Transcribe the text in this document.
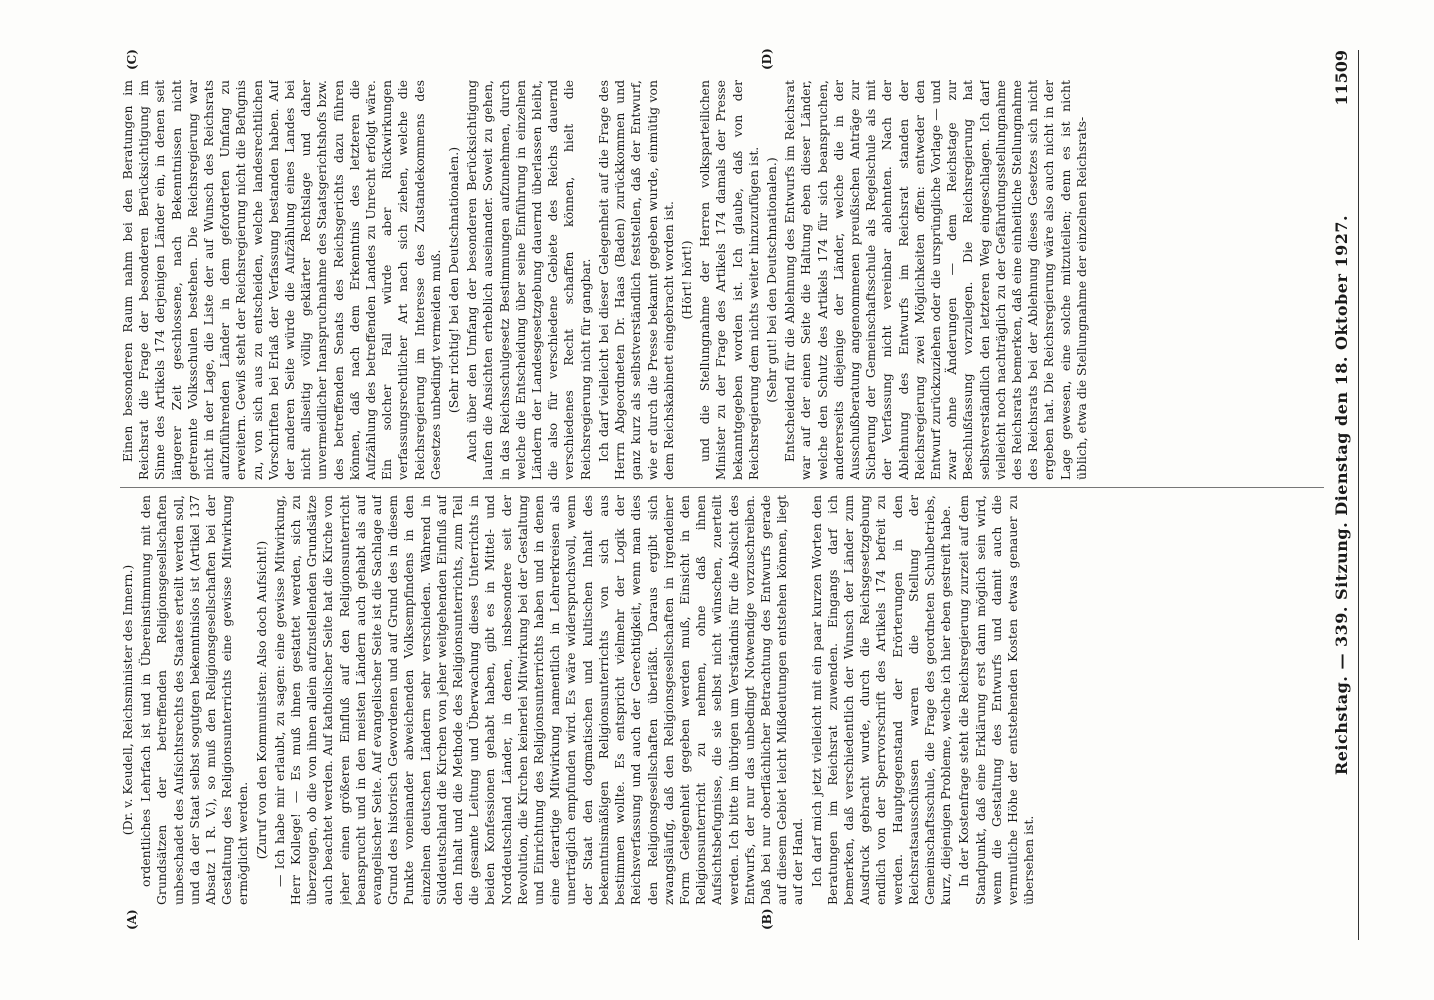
Reichstag. — 339. Sitzung. Dienstag den 18. Oktober 1927.
11509
(A)	(B)
(C)	(D)

(Dr. v. Keudell, Reichsminister des Innern.) ordentliches Lehrfach ist und in Übereinstimmung mit den Grundsätzen der betreffenden Religionsgesellschaften unbeschadet des Aufsichtsrechts des Staates erteilt werden soll, und da der Staat selbst sogutgen bekenntnislos ist (Artikel 137 Absatz 1 R. V.), so muß den Religionsgesellschaften bei der Gestaltung des Religionsunterrichts eine gewisse Mitwirkung ermöglicht werden. (Zuruf von den Kommunisten: Also doch Aufsicht!) — Ich habe mir erlaubt, zu sagen: eine gewisse Mitwirkung, Herr Kollege! — Es muß ihnen gestattet werden, sich zu überzeugen, ob die von ihnen allein aufzustellenden Grundsätze auch beachtet werden. Auf katholischer Seite hat die Kirche von jeher einen größeren Einfluß auf den Religionsunterricht beansprucht und in den meisten Ländern auch gehabt als auf evangelischer Seite. Auf evangelischer Seite ist die Sachlage auf Grund des historisch Gewordenen und auf Grund des in diesem Punkte voneinander abweichenden Volksempfindens in den einzelnen deutschen Ländern sehr verschieden. Während in Süddeutschland die Kirchen von jeher weitgehenden Einfluß auf den Inhalt und die Methode des Religionsunterrichts, zum Teil die gesamte Leitung und Überwachung dieses Unterrichts in beiden Konfessionen gehabt haben, gibt es in Mittel- und Norddeutschland Länder, in denen, insbesondere seit der Revolution, die Kirchen keinerlei Mitwirkung bei der Gestaltung und Einrichtung des Religionsunterrichts haben und in denen eine derartige Mitwirkung namentlich in Lehrerkreisen als unerträglich empfunden wird. Es wäre widerspruchsvoll, wenn der Staat den dogmatischen und kultischen Inhalt des bekenntnismäßigen Religionsunterrichts von sich aus bestimmen wollte. Es entspricht vielmehr der Logik der Reichsverfassung und auch der Gerechtigkeit, wenn man dies den Religionsgesellschaften überläßt. Daraus ergibt sich zwangsläufig, daß den Religionsgesellschaften in irgendeiner Form Gelegenheit gegeben werden muß, Einsicht in den Religionsunterricht zu nehmen, ohne daß ihnen Aufsichtsbefugnisse, die sie selbst nicht wünschen, zuerteilt werden. Ich bitte im übrigen um Verständnis für die Absicht des Entwurfs, der nur das unbedingt Notwendige vorzuschreiben. Daß bei nur oberflächlicher Betrachtung des Entwurfs gerade auf diesem Gebiet leicht Mißdeutungen entstehen können, liegt auf der Hand. Ich darf mich jetzt vielleicht mit ein paar kurzen Worten den Beratungen im Reichsrat zuwenden. Eingangs darf ich bemerken, daß verschiedentlich der Wunsch der Länder zum Ausdruck gebracht wurde, durch die Reichsgesetzgebung endlich von der Sperrvorschrift des Artikels 174 befreit zu werden. Hauptgegenstand der Erörterungen in den Reichsratsausschüssen waren die Stellung der Gemeinschaftsschule, die Frage des geordneten Schulbetriebs, kurz, diejenigen Probleme, welche ich hier eben gestreift habe. In der Kostenfrage steht die Reichsregierung zurzeit auf dem Standpunkt, daß eine Erklärung erst dann möglich sein wird, wenn die Gestaltung des Entwurfs und damit auch die vermutliche Höhe der entstehenden Kosten etwas genauer zu übersehen ist.

Einen besonderen Raum nahm bei den Beratungen im Reichsrat die Frage der besonderen Berücksichtigung im Sinne des Artikels 174 derjenigen Länder ein, in denen seit längerer Zeit geschlossene, nach Bekenntnissen nicht getrennte Volksschulen bestehen. Die Reichsregierung war nicht in der Lage, die Liste der auf Wunsch des Reichsrats aufzuführenden Länder in dem geforderten Umfang zu erweitern. Gewiß steht der Reichsregierung nicht die Befugnis zu, von sich aus zu entscheiden, welche landesrechtlichen Vorschriften bei Erlaß der Verfassung bestanden haben. Auf der anderen Seite würde die Aufzählung eines Landes bei nicht allseitig völlig geklärter Rechtslage und daher unvermeidlicher Inanspruchnahme des Staatsgerichtshofs bzw. des betreffenden Senats des Reichsgerichts dazu führen können, daß nach dem Erkenntnis des letzteren die Aufzählung des betreffenden Landes zu Unrecht erfolgt wäre. Ein solcher Fall würde aber Rückwirkungen verfassungsrechtlicher Art nach sich ziehen, welche die Reichsregierung im Interesse des Zustandekommens des Gesetzes unbedingt vermeiden muß. (Sehr richtig! bei den Deutschnationalen.) Auch über den Umfang der besonderen Berücksichtigung laufen die Ansichten erheblich auseinander. Soweit zu gehen, in das Reichsschulgesetz Bestimmungen aufzunehmen, durch welche die Entscheidung über seine Einführung in einzelnen Ländern der Landesgesetzgebung dauernd überlassen bleibt, die also für verschiedene Gebiete des Reichs dauernd verschiedenes Recht schaffen können, hielt die Reichsregierung nicht für gangbar. Ich darf vielleicht bei dieser Gelegenheit auf die Frage des Herrn Abgeordneten Dr. Haas (Baden) zurückkommen und ganz kurz als selbstverständlich feststellen, daß der Entwurf, wie er durch die Presse bekannt gegeben wurde, einmütig von dem Reichskabinett eingebracht worden ist. (Hört! hört!) und die Stellungnahme der Herren volksparteilichen Minister zu der Frage des Artikels 174 damals der Presse bekanntgegeben worden ist. Ich glaube, daß von der Reichsregierung dem nichts weiter hinzuzufügen ist. (Sehr gut! bei den Deutschnationalen.) Entscheidend für die Ablehnung des Entwurfs im Reichsrat war auf der einen Seite die Haltung eben dieser Länder, welche den Schutz des Artikels 174 für sich beanspruchen, andererseits diejenige der Länder, welche die in der Ausschußberatung angenommenen preußischen Anträge zur Sicherung der Gemeinschaftsschule als Regelschule als mit der Verfassung nicht vereinbar ablehnten. Nach der Ablehnung des Entwurfs im Reichsrat standen der Reichsregierung zwei Möglichkeiten offen: entweder den Entwurf zurückzuziehen oder die ursprüngliche Vorlage — und zwar ohne Änderungen — dem Reichstage zur Beschlußfassung vorzulegen. Die Reichsregierung hat selbstverständlich den letzteren Weg eingeschlagen. Ich darf vielleicht noch nachträglich zu der Gefährdungsstellungnahme des Reichsrats bemerken, daß eine einheitliche Stellungnahme des Reichsrats bei der Ablehnung dieses Gesetzes sich nicht ergeben hat. Die Reichsregierung wäre also auch nicht in der Lage gewesen, eine solche mitzuteilen; denn es ist nicht üblich, etwa die Stellungnahme der einzelnen Reichsrats-
